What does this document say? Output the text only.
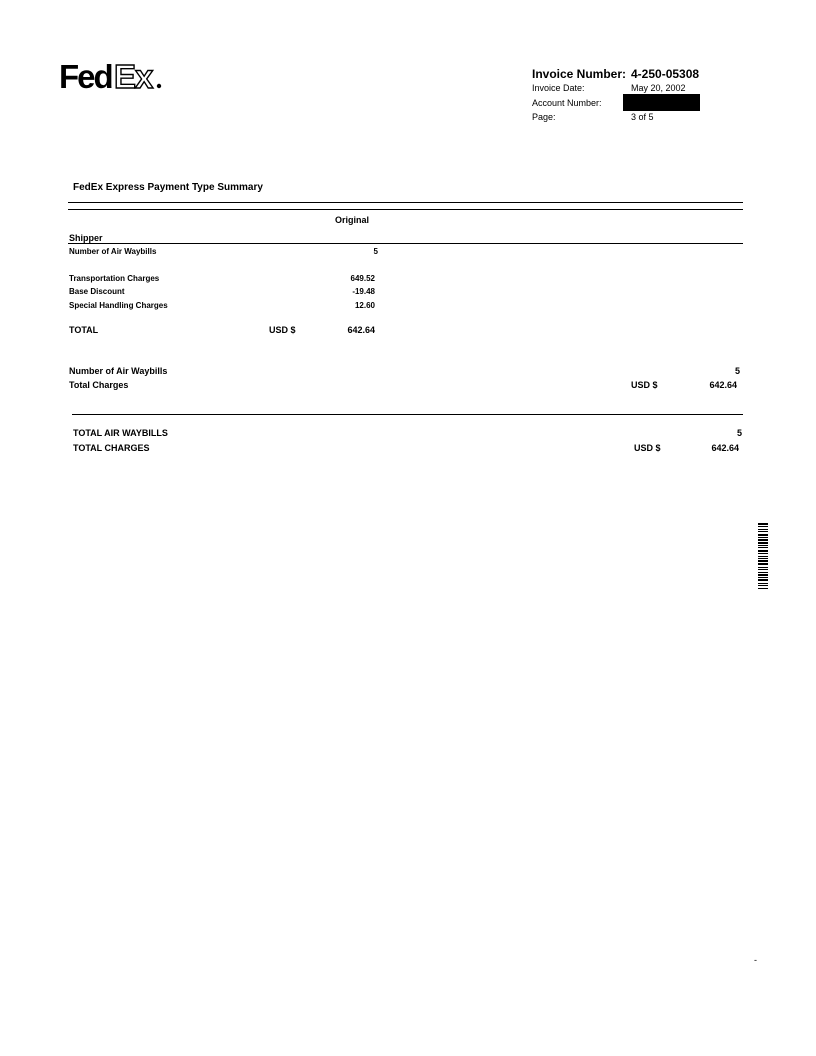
Fed Ex	Invoice Number: 4-250-05308
Invoice Date:	May 20, 2002
Account Number:
Page:	3 of 5
FedEx Express Payment Type Summary
Original
Shipper
Number of Air Waybills	5
Transportation Charges	649.52
Base Discount	-19.48
Special Handling Charges	12.60
TOTAL	USD $	642.64
Number of Air Waybills	5
Total Charges	USD $	642.64
TOTAL AIR WAYBILLS	5
TOTAL CHARGES	USD $	642.64
-
